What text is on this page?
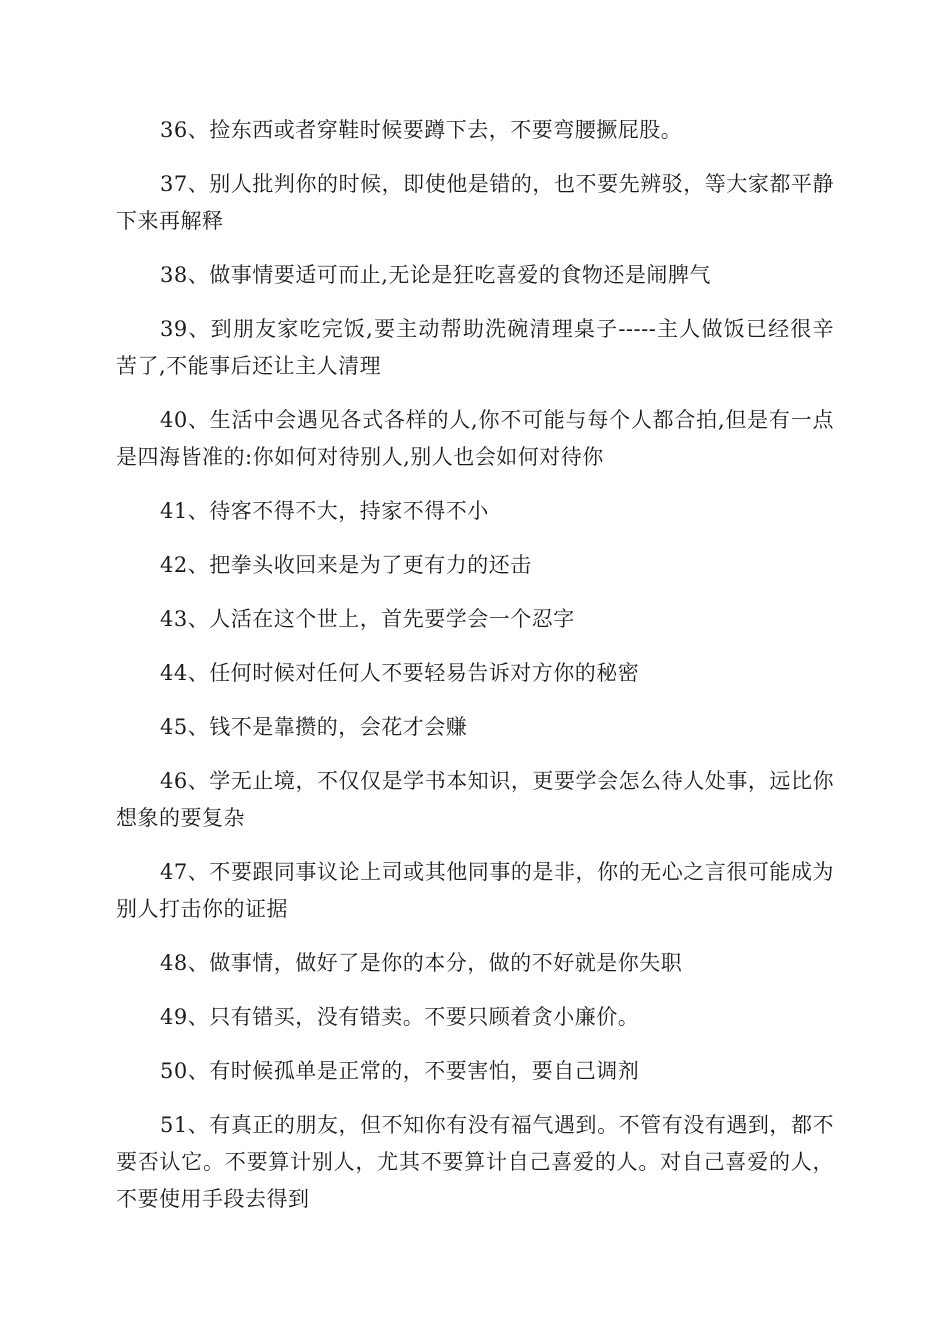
36、捡东西或者穿鞋时候要蹲下去，不要弯腰撅屁股。

37、别人批判你的时候，即使他是错的，也不要先辨驳，等大家都平静下来再解释

38、做事情要适可而止,无论是狂吃喜爱的食物还是闹脾气

39、到朋友家吃完饭,要主动帮助洗碗清理桌子-----主人做饭已经很辛苦了,不能事后还让主人清理

40、生活中会遇见各式各样的人,你不可能与每个人都合拍,但是有一点是四海皆准的:你如何对待别人,别人也会如何对待你

41、待客不得不大，持家不得不小

42、把拳头收回来是为了更有力的还击

43、人活在这个世上，首先要学会一个忍字

44、任何时候对任何人不要轻易告诉对方你的秘密

45、钱不是靠攒的，会花才会赚

46、学无止境，不仅仅是学书本知识，更要学会怎么待人处事，远比你想象的要复杂

47、不要跟同事议论上司或其他同事的是非，你的无心之言很可能成为别人打击你的证据

48、做事情，做好了是你的本分，做的不好就是你失职

49、只有错买，没有错卖。不要只顾着贪小廉价。

50、有时候孤单是正常的，不要害怕，要自己调剂

51、有真正的朋友，但不知你有没有福气遇到。不管有没有遇到，都不要否认它。不要算计别人，尤其不要算计自己喜爱的人。对自己喜爱的人，不要使用手段去得到
